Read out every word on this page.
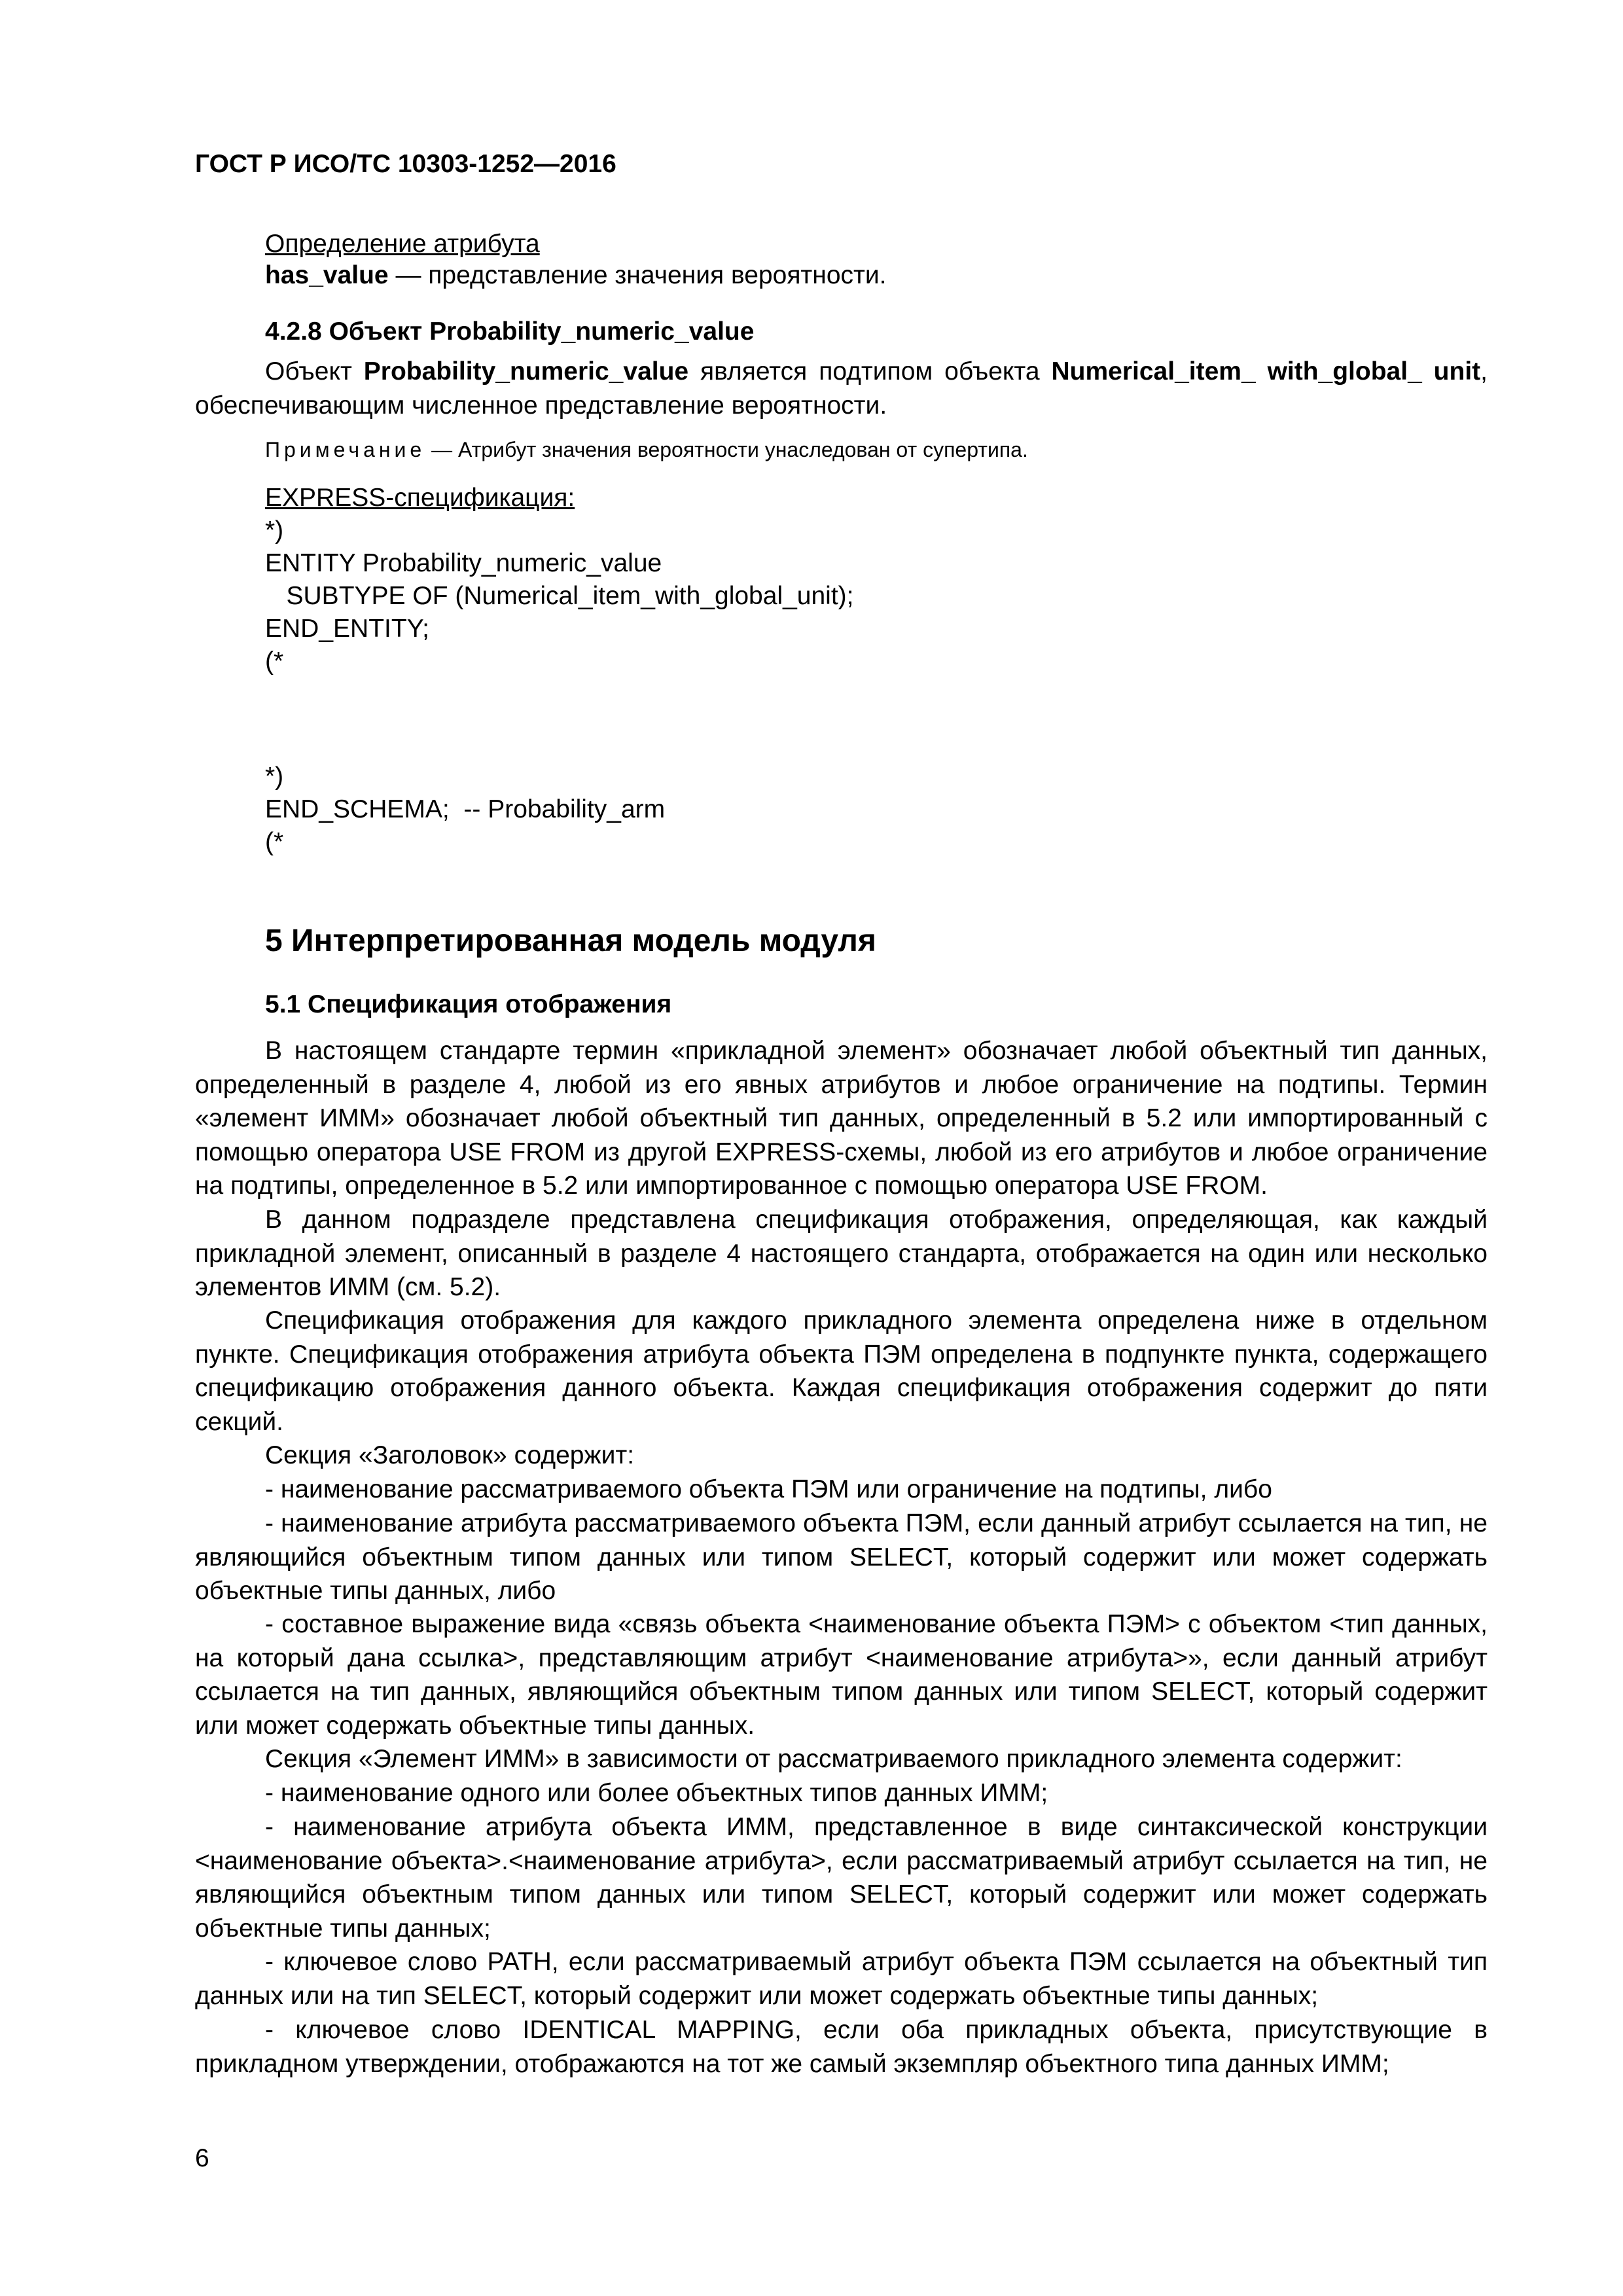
ГОСТ Р ИСО/ТС 10303-1252—2016
Определение атрибута
has_value — представление значения вероятности.
4.2.8 Объект Probability_numeric_value
Объект Probability_numeric_value является подтипом объекта Numerical_item_ with_global_ unit, обеспечивающим численное представление вероятности.
Примечание — Атрибут значения вероятности унаследован от супертипа.
EXPRESS-спецификация:
*)
ENTITY Probability_numeric_value
SUBTYPE OF (Numerical_item_with_global_unit);
END_ENTITY;
(*
*)
END_SCHEMA;  -- Probability_arm
(*
5 Интерпретированная модель модуля
5.1 Спецификация отображения
В настоящем стандарте термин «прикладной элемент» обозначает любой объектный тип данных, определенный в разделе 4, любой из его явных атрибутов и любое ограничение на подтипы. Термин «элемент ИММ» обозначает любой объектный тип данных, определенный в 5.2 или импортированный с помощью оператора USE FROM из другой EXPRESS-схемы, любой из его атрибутов и любое ограничение на подтипы, определенное в 5.2 или импортированное с помощью оператора USE FROM.
В данном подразделе представлена спецификация отображения, определяющая, как каждый прикладной элемент, описанный в разделе 4 настоящего стандарта, отображается на один или несколько элементов ИММ (см. 5.2).
Спецификация отображения для каждого прикладного элемента определена ниже в отдельном пункте. Спецификация отображения атрибута объекта ПЭМ определена в подпункте пункта, содержащего спецификацию отображения данного объекта. Каждая спецификация отображения содержит до пяти секций.
Секция «Заголовок» содержит:
- наименование рассматриваемого объекта ПЭМ или ограничение на подтипы, либо
- наименование атрибута рассматриваемого объекта ПЭМ, если данный атрибут ссылается на тип, не являющийся объектным типом данных или типом SELECT, который содержит или может содержать объектные типы данных, либо
- составное выражение вида «связь объекта <наименование объекта ПЭМ> с объектом <тип данных, на который дана ссылка>, представляющим атрибут <наименование атрибута>», если данный атрибут ссылается на тип данных, являющийся объектным типом данных или типом SELECT, который содержит или может содержать объектные типы данных.
Секция «Элемент ИММ» в зависимости от рассматриваемого прикладного элемента содержит:
- наименование одного или более объектных типов данных ИММ;
- наименование атрибута объекта ИММ, представленное в виде синтаксической конструкции <наименование объекта>.<наименование атрибута>, если рассматриваемый атрибут ссылается на тип, не являющийся объектным типом данных или типом SELECT, который содержит или может содержать объектные типы данных;
- ключевое слово PATH, если рассматриваемый атрибут объекта ПЭМ ссылается на объектный тип данных или на тип SELECT, который содержит или может содержать объектные типы данных;
- ключевое слово IDENTICAL MAPPING, если оба прикладных объекта, присутствующие в прикладном утверждении, отображаются на тот же самый экземпляр объектного типа данных ИММ;
6
